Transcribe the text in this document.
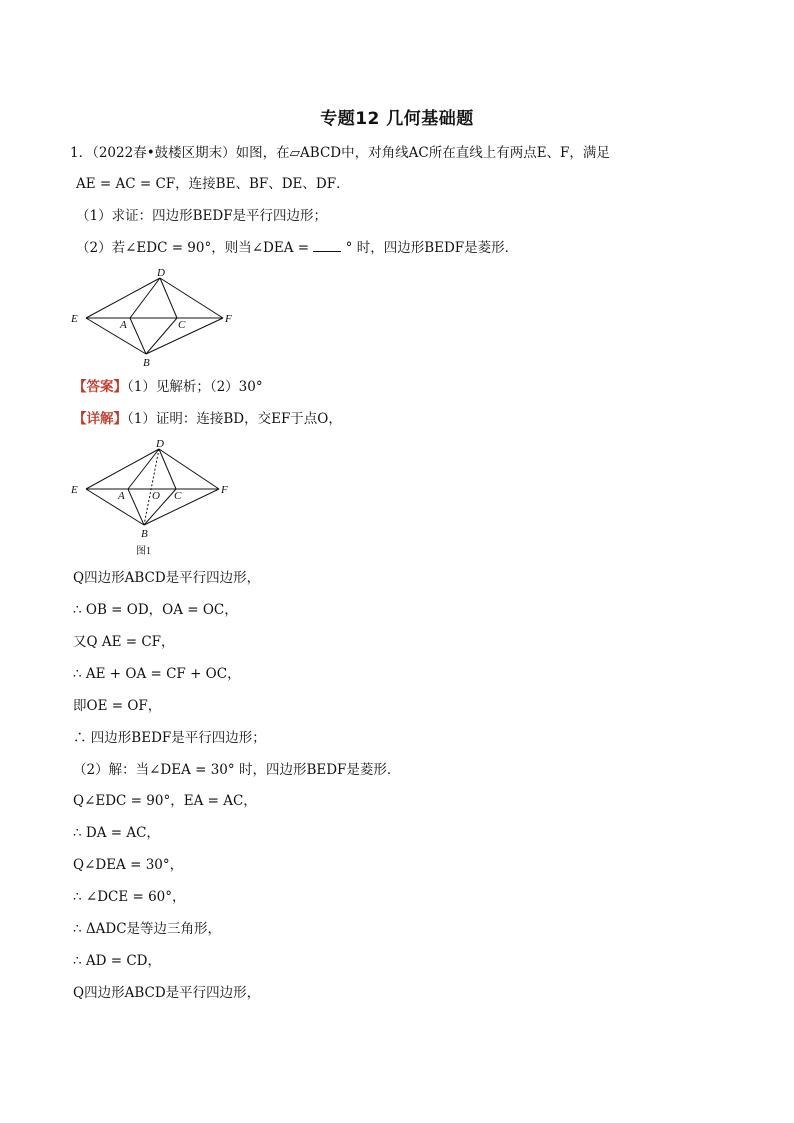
专题12 几何基础题
1．（2022春•鼓楼区期末）如图，在▱ABCD中，对角线AC所在直线上有两点E、F，满足
AE = AC = CF，连接BE、BF、DE、DF．
（1）求证：四边形BEDF是平行四边形；
（2）若∠EDC = 90°，则当∠DEA =	° 时，四边形BEDF是菱形．
D
E	A	C	F
B
【答案】（1）见解析；（2）30°
【详解】（1）证明：连接BD，交EF于点O，
D
E	A O C	F
B
图1
Q四边形ABCD是平行四边形，
∴ OB = OD，OA = OC，
又Q AE = CF，
∴ AE + OA = CF + OC，
即OE = OF，
∴ 四边形BEDF是平行四边形；
（2）解：当∠DEA = 30° 时，四边形BEDF是菱形．
Q∠EDC = 90°，EA = AC，
∴ DA = AC，
Q∠DEA = 30°，
∴ ∠DCE = 60°，
∴ ΔADC是等边三角形，
∴ AD = CD，
Q四边形ABCD是平行四边形，
